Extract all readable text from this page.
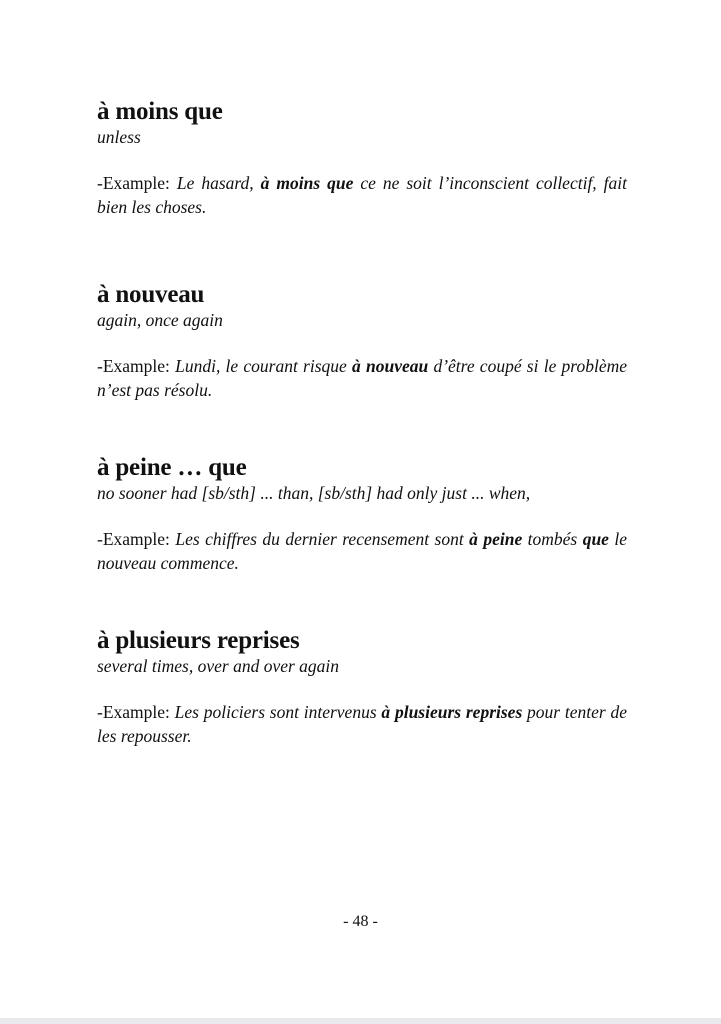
à moins que

unless

-Example: Le hasard, à moins que ce ne soit l’inconscient collectif, fait bien les choses.

à nouveau

again, once again

-Example: Lundi, le courant risque à nouveau d’être coupé si le problème n’est pas résolu.

à peine … que

no sooner had [sb/sth] ... than, [sb/sth] had only just ... when,

-Example: Les chiffres du dernier recensement sont à peine tombés que le nouveau commence.

à plusieurs reprises

several times, over and over again

-Example: Les policiers sont intervenus à plusieurs reprises pour tenter de les repousser.

- 48 -
